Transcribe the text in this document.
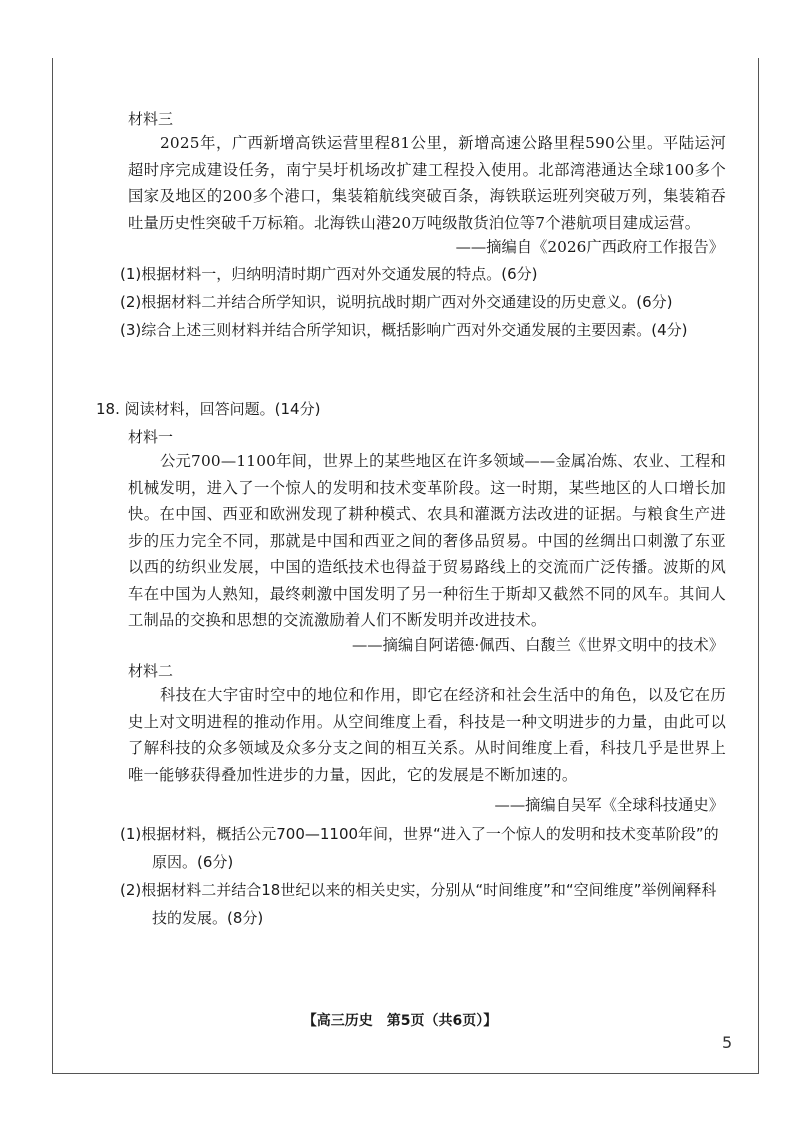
材料三
2025年，广西新增高铁运营里程81公里，新增高速公路里程590公里。平陆运河超时序完成建设任务，南宁吴圩机场改扩建工程投入使用。北部湾港通达全球100多个国家及地区的200多个港口，集装箱航线突破百条，海铁联运班列突破万列，集装箱吞吐量历史性突破千万标箱。北海铁山港20万吨级散货泊位等7个港航项目建成运营。
——摘编自《2026广西政府工作报告》
(1)根据材料一，归纳明清时期广西对外交通发展的特点。(6分)
(2)根据材料二并结合所学知识，说明抗战时期广西对外交通建设的历史意义。(6分)
(3)综合上述三则材料并结合所学知识，概括影响广西对外交通发展的主要因素。(4分)
18. 阅读材料，回答问题。(14分)
材料一
公元700—1100年间，世界上的某些地区在许多领域——金属冶炼、农业、工程和机械发明，进入了一个惊人的发明和技术变革阶段。这一时期，某些地区的人口增长加快。在中国、西亚和欧洲发现了耕种模式、农具和灌溉方法改进的证据。与粮食生产进步的压力完全不同，那就是中国和西亚之间的奢侈品贸易。中国的丝绸出口刺激了东亚以西的纺织业发展，中国的造纸技术也得益于贸易路线上的交流而广泛传播。波斯的风车在中国为人熟知，最终刺激中国发明了另一种衍生于斯却又截然不同的风车。其间人工制品的交换和思想的交流激励着人们不断发明并改进技术。
——摘编自阿诺德·佩西、白馥兰《世界文明中的技术》
材料二
科技在大宇宙时空中的地位和作用，即它在经济和社会生活中的角色，以及它在历史上对文明进程的推动作用。从空间维度上看，科技是一种文明进步的力量，由此可以了解科技的众多领域及众多分支之间的相互关系。从时间维度上看，科技几乎是世界上唯一能够获得叠加性进步的力量，因此，它的发展是不断加速的。
——摘编自吴军《全球科技通史》
(1)根据材料，概括公元700—1100年间，世界“进入了一个惊人的发明和技术变革阶段”的原因。(6分)
(2)根据材料二并结合18世纪以来的相关史实，分别从“时间维度”和“空间维度”举例阐释科技的发展。(8分)
【高三历史　第5页（共6页）】
5
